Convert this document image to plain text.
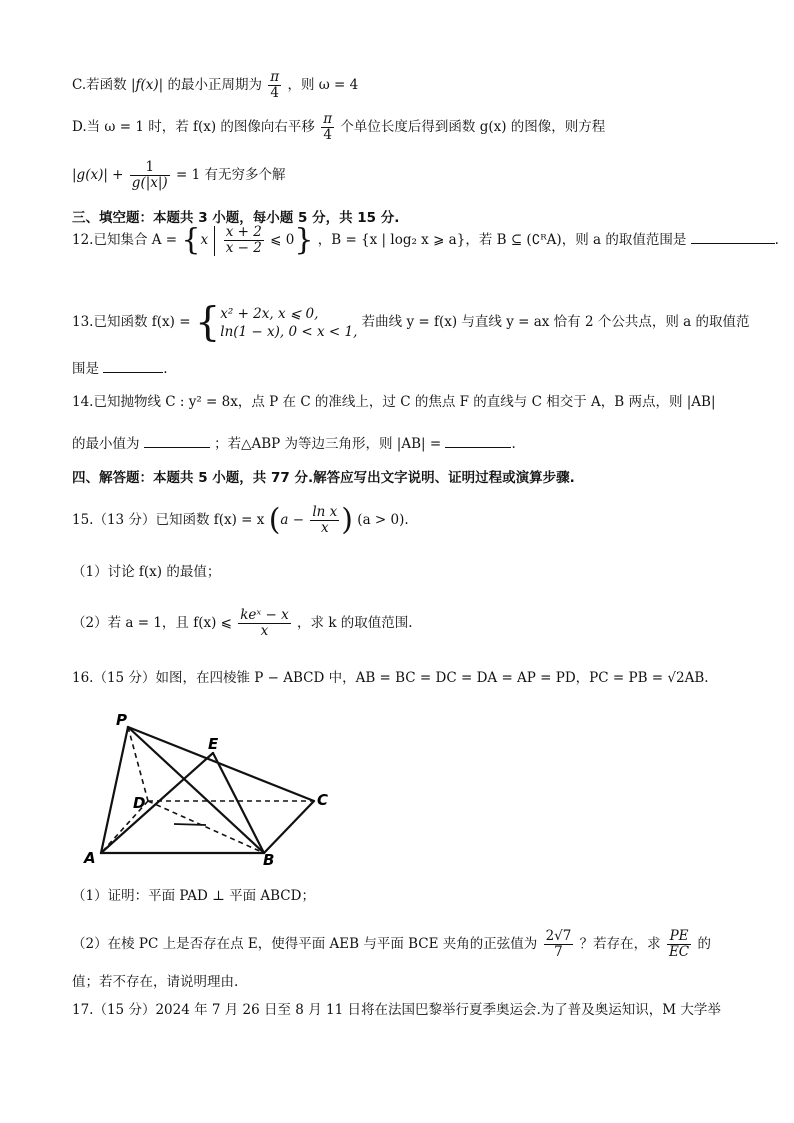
C.若函数 |f(x)| 的最小正周期为 $\frac{\pi}{4}$ ，则 ω = 4
D.当 ω = 1 时，若 f(x) 的图像向右平移 $\frac{\pi}{4}$ 个单位长度后得到函数 g(x) 的图像，则方程
$|g(x)| + \frac{1}{g(|x|)} = 1$ 有无穷多个解
三、填空题：本题共 3 小题，每小题 5 分，共 15 分.
12.已知集合 $A = \{x \frac{x + 2}{x - 2}$ ⩽ 0} ，B = {x | log₂ x ⩾ a}，若 B ⊆ (∁ᴿA)，则 a 的取值范围是	.
13.已知函数 f(x) = { x² + 2x, x ⩽ 0,
ln(1 − x), 0 < x < 1,
若曲线 y = f(x) 与直线 y = ax 恰有 2 个公共点，则 a 的取值范
围是	.
14.已知抛物线 C : y² = 8x，点 P 在 C 的准线上，过 C 的焦点 F 的直线与 C 相交于 A，B 两点，则 |AB|
的最小值为	；若△ABP 为等边三角形，则 |AB| =	.
四、解答题：本题共 5 小题，共 77 分.解答应写出文字说明、证明过程或演算步骤.
15.（13 分）已知函数 f(x) = x ($a - \frac{\text{ln x}}{x}$ ) (a > 0).
（1）讨论 f(x) 的最值；
（2）若 a = 1，且 f(x) ⩽ $\frac{\text{keˣ − x}}{x}$ ，求 k 的取值范围.
16.（15 分）如图，在四棱锥 P − ABCD 中，AB = BC = DC = DA = AP = PD，PC = PB = √2AB.
P
E
D	C
A	B
（1）证明：平面 PAD ⊥ 平面 ABCD；
（2）在棱 PC 上是否存在点 E，使得平面 AEB 与平面 BCE 夹角的正弦值为 $\frac{2√7}{7}$ ？若存在，求 $\frac{PE}{EC}$ 的
值；若不存在，请说明理由.
17.（15 分）2024 年 7 月 26 日至 8 月 11 日将在法国巴黎举行夏季奥运会.为了普及奥运知识，M 大学举
